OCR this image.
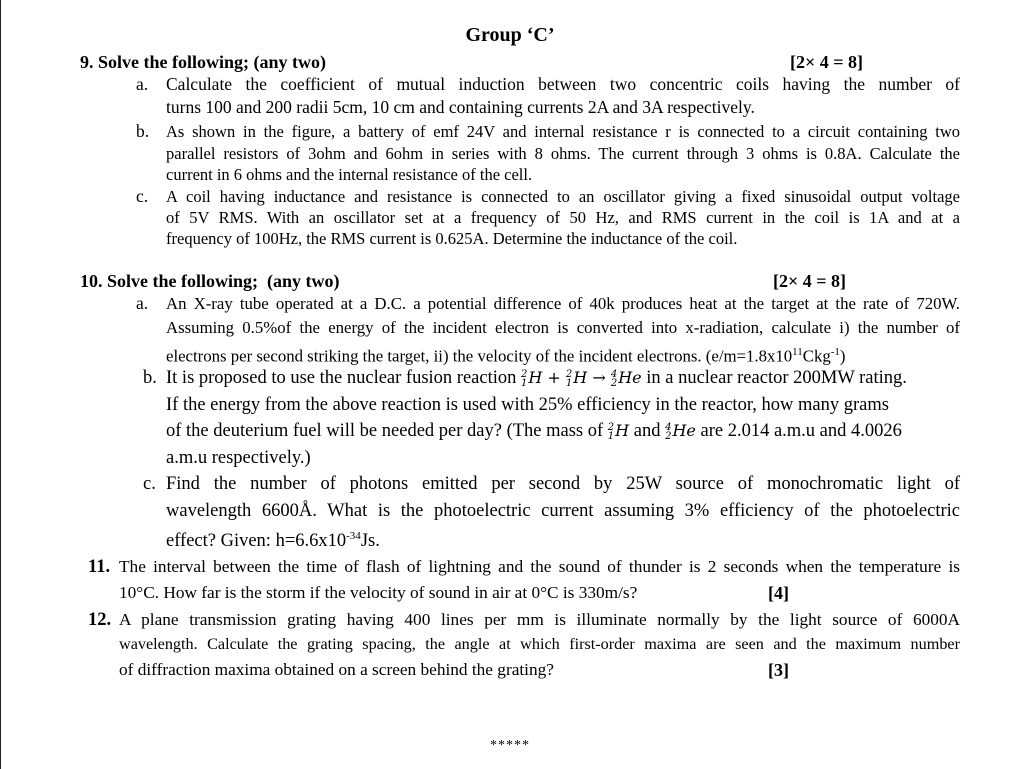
Group ‘C’
9. Solve the following; (any two)	[2× 4 = 8]
a. Calculate the coefficient of mutual induction between two concentric coils having the number of
turns 100 and 200 radii 5cm, 10 cm and containing currents 2A and 3A respectively.
b. As shown in the figure, a battery of emf 24V and internal resistance r is connected to a circuit containing two
parallel resistors of 3ohm and 6ohm in series with 8 ohms. The current through 3 ohms is 0.8A. Calculate the
current in 6 ohms and the internal resistance of the cell.
c. A coil having inductance and resistance is connected to an oscillator giving a fixed sinusoidal output voltage
of 5V RMS. With an oscillator set at a frequency of 50 Hz, and RMS current in the coil is 1A and at a
frequency of 100Hz, the RMS current is 0.625A. Determine the inductance of the coil.
10. Solve the following; (any two)	[2× 4 = 8]
a. An X-ray tube operated at a D.C. a potential difference of 40k produces heat at the target at the rate of 720W.
Assuming 0.5%of the energy of the incident electron is converted into x-radiation, calculate i) the number of
electrons per second striking the target, ii) the velocity of the incident electrons. $(e/m=1.8x10^{11}Ckg^{-1})$
b. It is proposed to use the nuclear fusion reaction 2
1 H + 2
1 H → 4
2 He in a nuclear reactor 200MW rating.
If the energy from the above reaction is used with 25% efficiency in the reactor, how many grams
of the deuterium fuel will be needed per day? (The mass of 2
1 H and 4
2 He are 2.014 a.m.u and 4.0026
a.m.u respectively.)
c. Find the number of photons emitted per second by 25W source of monochromatic light of
wavelength 6600Å. What is the photoelectric current assuming 3% efficiency of the photoelectric
effect? Given: $h=6.6x10^{-34}Js$.
11. The interval between the time of flash of lightning and the sound of thunder is 2 seconds when the temperature is
10°C. How far is the storm if the velocity of sound in air at 0°C is 330m/s?	[4]
12. A plane transmission grating having 400 lines per mm is illuminate normally by the light source of 6000A
wavelength. Calculate the grating spacing, the angle at which first-order maxima are seen and the maximum number
of diffraction maxima obtained on a screen behind the grating?	[3]
*****
